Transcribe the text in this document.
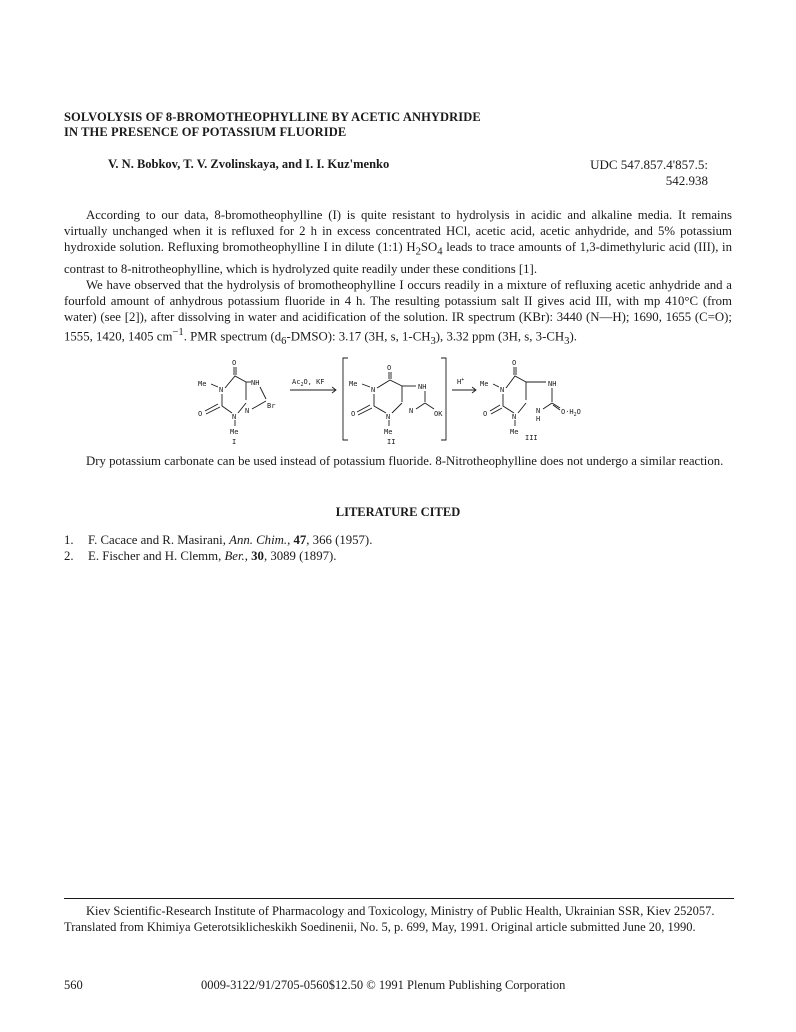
SOLVOLYSIS OF 8-BROMOTHEOPHYLLINE BY ACETIC ANHYDRIDE
IN THE PRESENCE OF POTASSIUM FLUORIDE
V. N. Bobkov, T. V. Zvolinskaya, and I. I. Kuz'menko	UDC 547.857.4'857.5:
542.938

According to our data, 8-bromotheophylline (I) is quite resistant to hydrolysis in acidic and alkaline media. It remains virtually unchanged when it is refluxed for 2 h in excess concentrated HCl, acetic acid, acetic anhydride, and 5% potassium hydroxide solution. Refluxing bromotheophylline I in dilute (1:1) $H_2SO_4$ leads to trace amounts of 1,3-dimethyluric acid (III), in contrast to 8-nitrotheophylline, which is hydrolyzed quite readily under these conditions [1].

We have observed that the hydrolysis of bromotheophylline I occurs readily in a mixture of refluxing acetic anhydride and a fourfold amount of anhydrous potassium fluoride in 4 h. The resulting potassium salt II gives acid III, with mp 410°C (from water) (see [2]), after dissolving in water and acidification of the solution. IR spectrum (KBr): 3440 (N—H); 1690, 1655 (C=O); 1555, 1420, 1405 $cm^{-1}$. PMR spectrum $(d_6-DMSO)$: 3.17 (3H, s, $1-CH_3$), 3.32 ppm (3H, s, $3-CH_3$).

O
Me
N
NH
O	N
N
Br
Me
I
$Ac_2O$, KF
O
Me
N	NH
O	N
N	OK
Me
II
H+
O
Me
N
NH
O	N
N
H
$O\cdot H_2O$
Me
III

Dry potassium carbonate can be used instead of potassium fluoride. 8-Nitrotheophylline does not undergo a similar reaction.

LITERATURE CITED
1. F. Cacace and R. Masirani, Ann. Chim., 47, 366 (1957).
2. E. Fischer and H. Clemm, Ber., 30, 3089 (1897).
Kiev Scientific-Research Institute of Pharmacology and Toxicology, Ministry of Public Health, Ukrainian SSR, Kiev 252057. Translated from Khimiya Geterotsiklicheskikh Soedinenii, No. 5, p. 699, May, 1991. Original article submitted June 20, 1990.
560	0009-3122/91/2705-0560$12.50 © 1991 Plenum Publishing Corporation
